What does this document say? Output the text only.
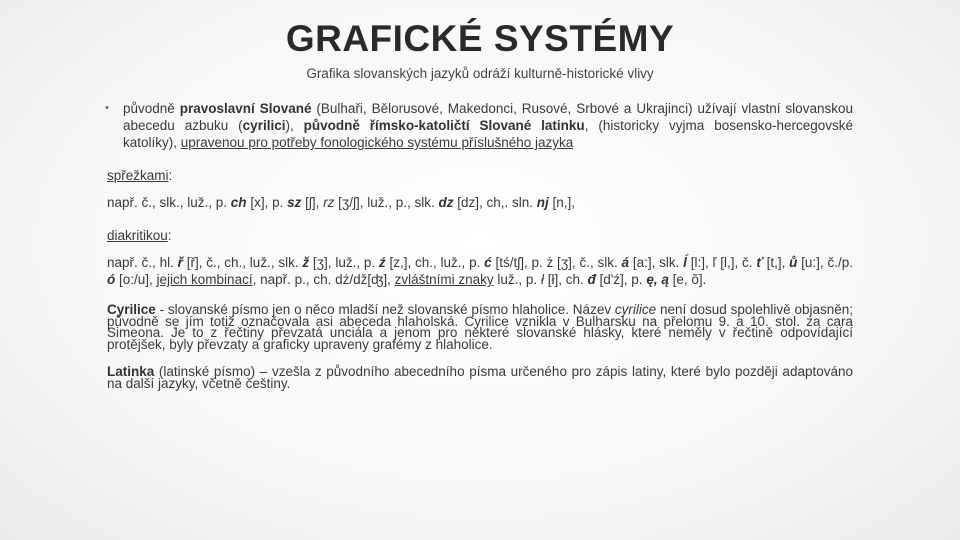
GRAFICKÉ SYSTÉMY
Grafika slovanských jazyků odráží kulturně-historické vlivy
• původně pravoslavní Slované (Bulhaři, Bělorusové, Makedonci, Rusové, Srbové a Ukrajinci) užívají vlastní slovanskou abecedu azbuku (cyrilici), původně římsko-katoličtí Slované latinku, (historicky vyjma bosensko-hercegovské katolíky), upravenou pro potřeby fonologického systému příslušného jazyka
spřežkami:
např. č., slk., luž., p. ch [x], p. sz [ʃ], rz [ʒ/ʃ], luž., p., slk. dz [dz], ch,. sln. nj [n,],
diakritikou:
např. č., hl. ř [ř], č., ch., luž., slk. ž [ʒ], luž., p. ź [z,], ch., luž., p. ć [tś/tʃ], p. ż [ʒ], č., slk. á [a:], slk. ĺ [l:], ľ [l,], č. ť [t,], ů [u:], č./p. ó [o:/u], jejich kombinací, např. p., ch. dź/dž[ʤ], zvláštními znaky luž., p. ł [ł], ch. đ [d'ź], p. ę, ą [e, õ].
Cyrilice - slovanské písmo jen o něco mladší než slovanské písmo hlaholice. Název cyrilice není dosud spolehlivě objasněn; původně se jím totiž označovala asi abeceda hlaholská. Cyrilice vznikla v Bulharsku na přelomu 9. a 10. stol. za cara Simeona. Je to z řečtiny převzatá unciála a jenom pro některé slovanské hlásky, které neměly v řečtině odpovídající protějšek, byly převzaty a graficky upraveny grafémy z hlaholice.
Latinka (latinské písmo) – vzešla z původního abecedního písma určeného pro zápis latiny, které bylo později adaptováno na další jazyky, včetně češtiny.
